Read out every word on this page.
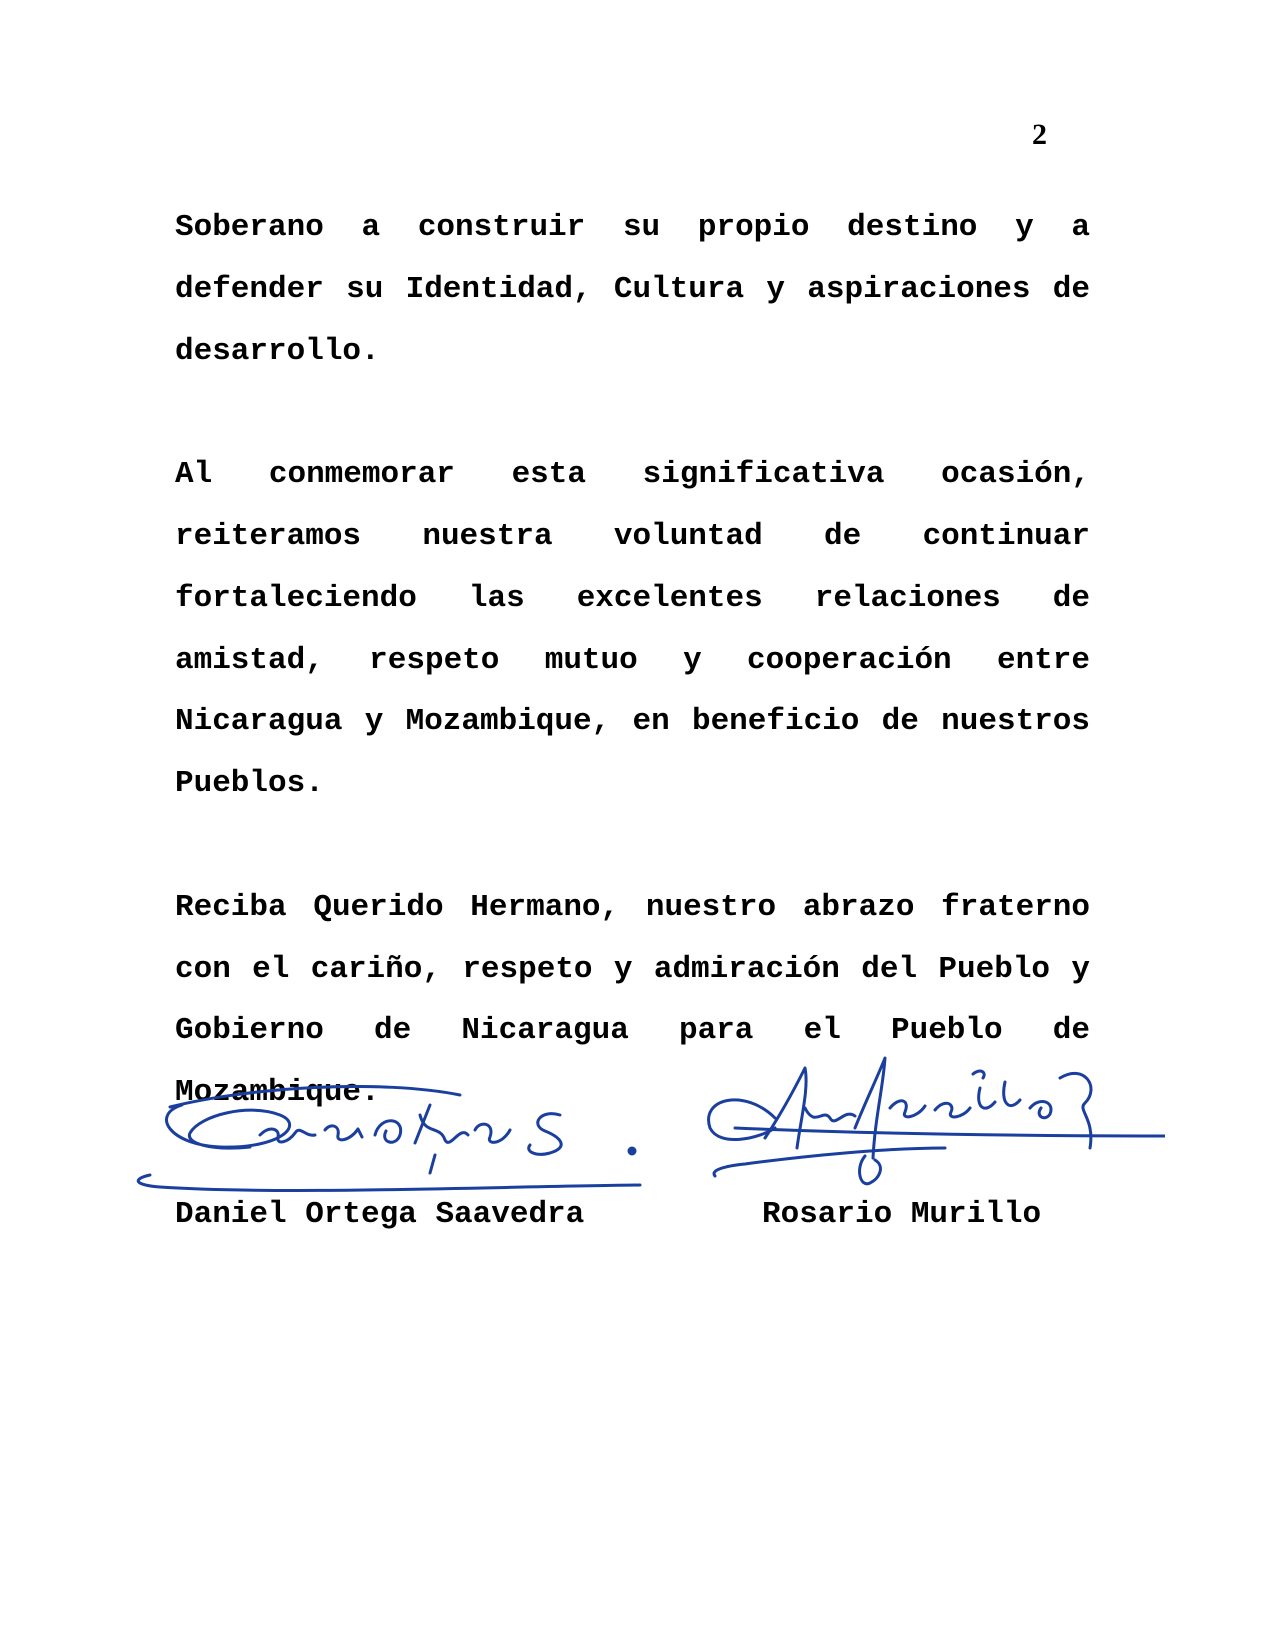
2

Soberano a construir su propio destino y a defender su Identidad, Cultura y aspiraciones de desarrollo.

Al conmemorar esta significativa ocasión, reiteramos nuestra voluntad de continuar fortaleciendo las excelentes relaciones de amistad, respeto mutuo y cooperación entre Nicaragua y Mozambique, en beneficio de nuestros Pueblos.

Reciba Querido Hermano, nuestro abrazo fraterno con el cariño, respeto y admiración del Pueblo y Gobierno de Nicaragua para el Pueblo de Mozambique.

Daniel Ortega Saavedra	Rosario Murillo
